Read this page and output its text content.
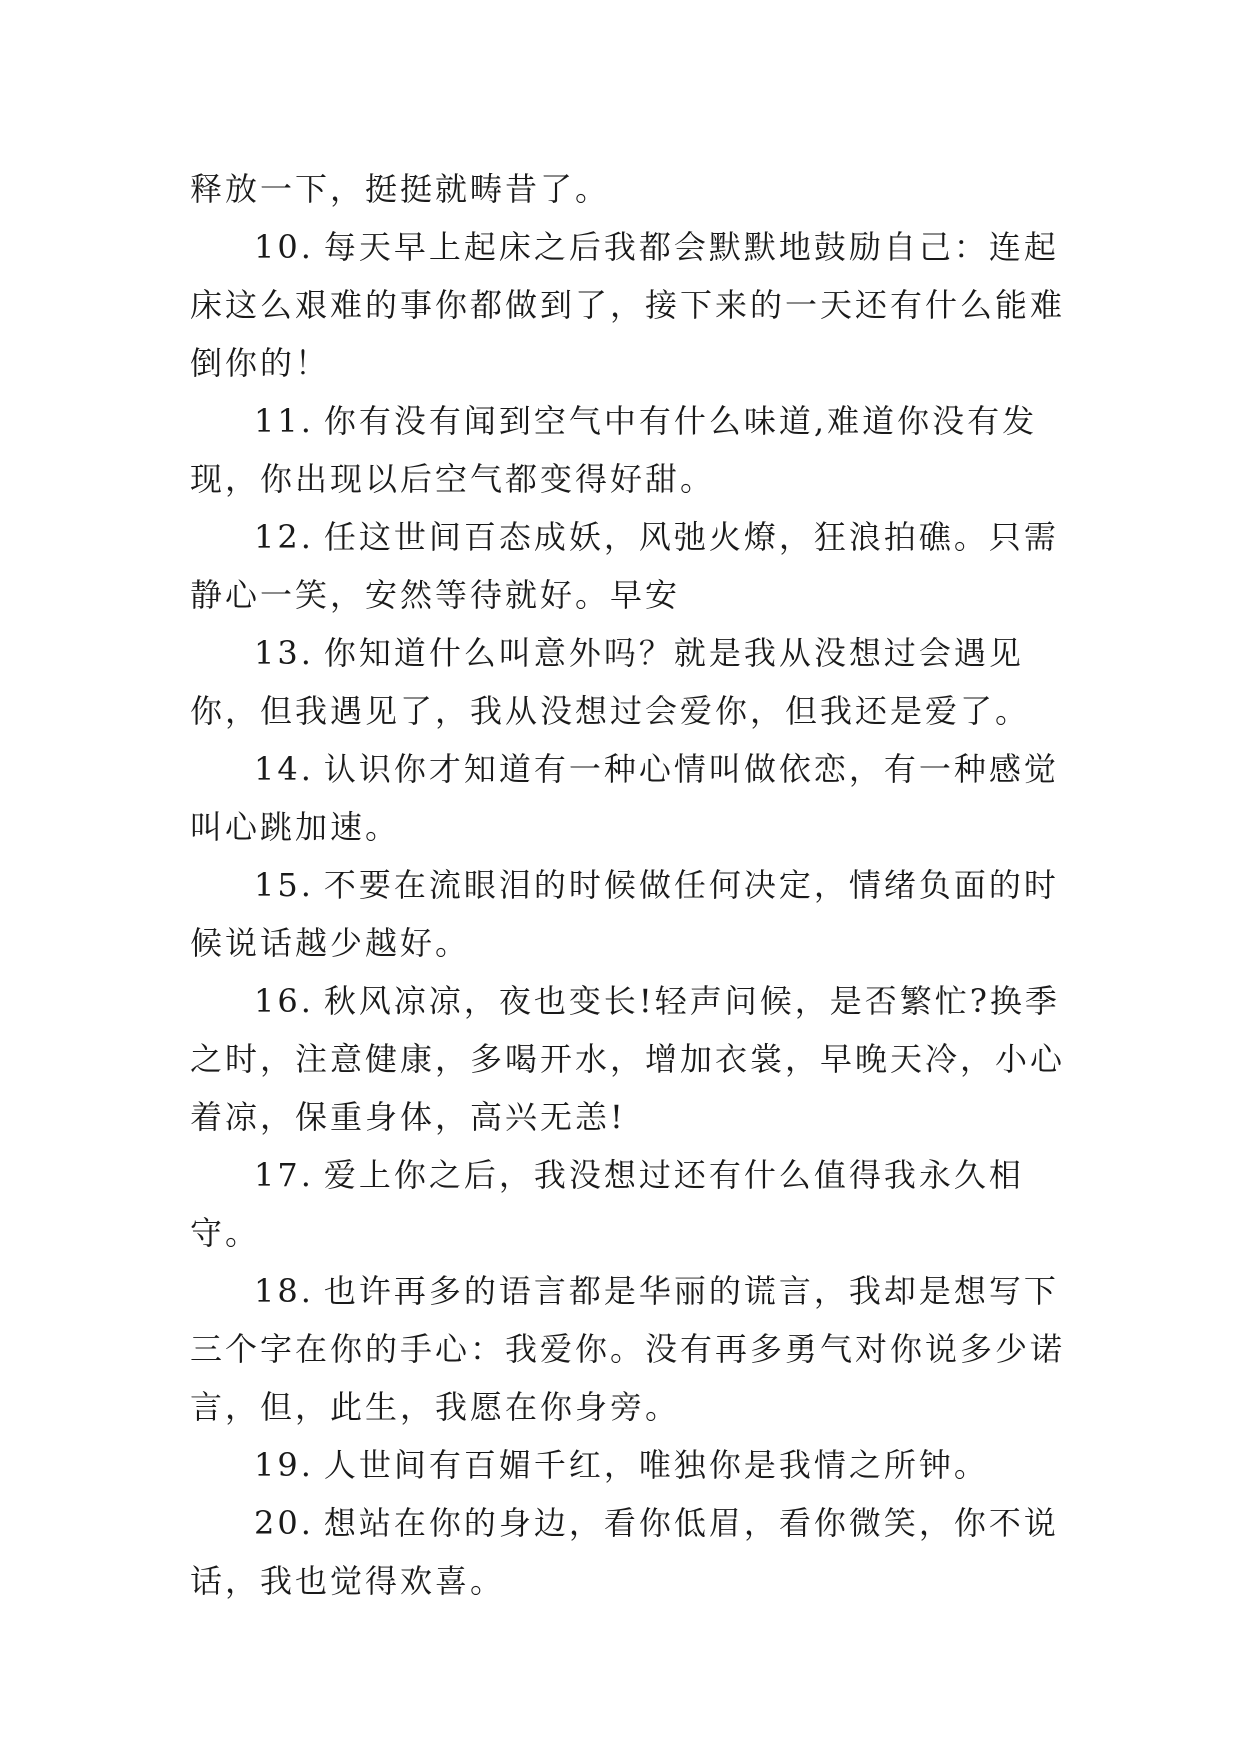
释放一下，挺挺就畴昔了。

10. 每天早上起床之后我都会默默地鼓励自己：连起床这么艰难的事你都做到了，接下来的一天还有什么能难倒你的！

11. 你有没有闻到空气中有什么味道,难道你没有发现，你出现以后空气都变得好甜。

12. 任这世间百态成妖，风弛火燎，狂浪拍礁。只需静心一笑，安然等待就好。早安

13. 你知道什么叫意外吗？就是我从没想过会遇见你，但我遇见了，我从没想过会爱你，但我还是爱了。

14. 认识你才知道有一种心情叫做依恋，有一种感觉叫心跳加速。

15. 不要在流眼泪的时候做任何决定，情绪负面的时候说话越少越好。

16. 秋风凉凉，夜也变长!轻声问候，是否繁忙?换季之时，注意健康，多喝开水，增加衣裳，早晚天冷，小心着凉，保重身体，高兴无恙!

17. 爱上你之后，我没想过还有什么值得我永久相守。

18. 也许再多的语言都是华丽的谎言，我却是想写下三个字在你的手心：我爱你。没有再多勇气对你说多少诺言，但，此生，我愿在你身旁。

19. 人世间有百媚千红，唯独你是我情之所钟。

20. 想站在你的身边，看你低眉，看你微笑，你不说话，我也觉得欢喜。
